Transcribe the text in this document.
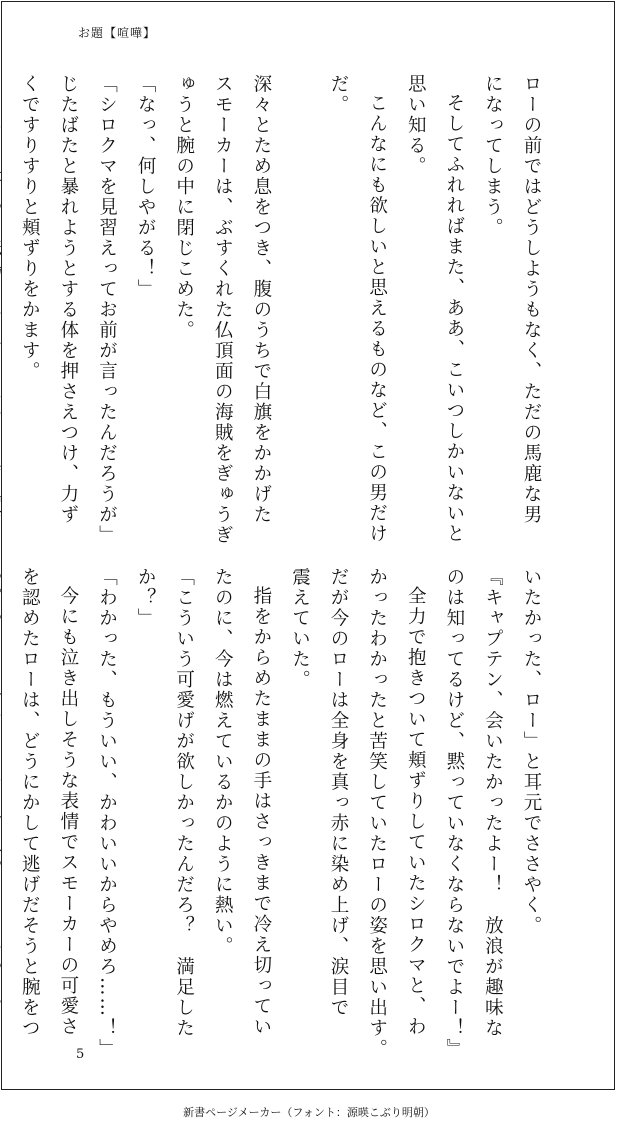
お題【喧嘩】
ローの前ではどうしようもなく、ただの馬鹿な男
になってしまう。
そしてふれればまた、ああ、こいつしかいないと
思い知る。
こんなにも欲しいと思えるものなど、この男だけ
だ。
深々とため息をつき、腹のうちで白旗をかかげた
スモーカーは、ぶすくれた仏頂面の海賊をぎゅうぎ
ゅうと腕の中に閉じこめた。
「なっ、何しやがる！」
「シロクマを見習えってお前が言ったんだろうが」
じたばたと暴れようとする体を押さえつけ、力ず
くですりすりと頬ずりをかます。
いたかった、ロー」と耳元でささやく。
『キャプテン、会いたかったよー！　放浪が趣味な
のは知ってるけど、黙っていなくならないでよー！』
全力で抱きついて頬ずりしていたシロクマと、わ
かったわかったと苦笑していたローの姿を思い出す。
だが今のローは全身を真っ赤に染め上げ、涙目で
震えていた。
指をからめたままの手はさっきまで冷え切ってい
たのに、今は燃えているかのように熱い。
「こういう可愛げが欲しかったんだろ？　満足した
か？」
「わかった、もういい、かわいいからやめろ……！」
今にも泣き出しそうな表情でスモーカーの可愛さ
を認めたローは、どうにかして逃げだそうと腕をつ
5
新書ページメーカー（フォント：源暎こぶり明朝）
